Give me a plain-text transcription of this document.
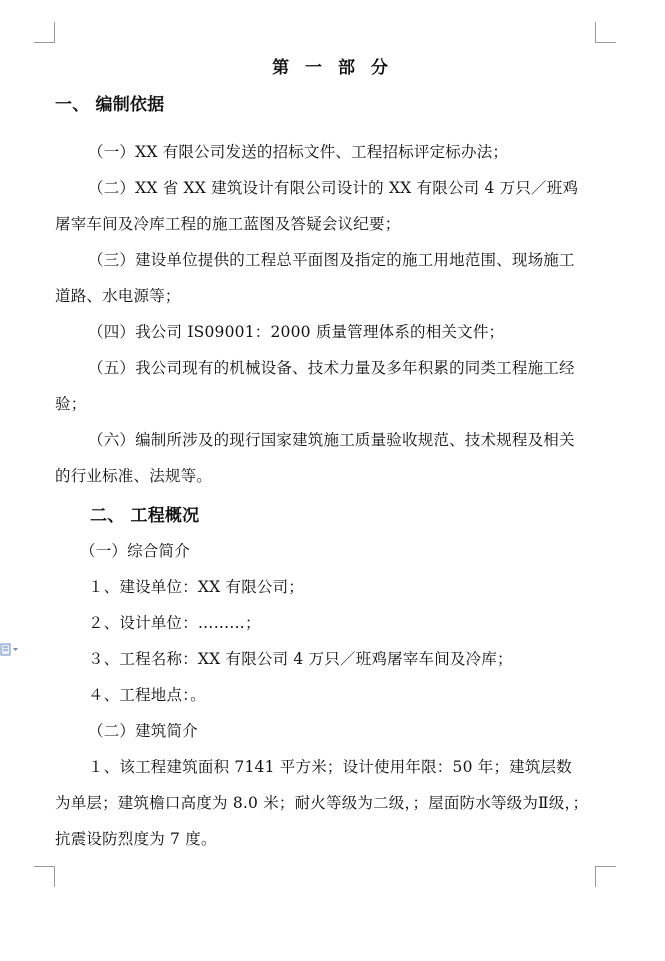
第 一 部 分
一、 编制依据
（一）XX 有限公司发送的招标文件、工程招标评定标办法；
（二）XX 省 XX 建筑设计有限公司设计的 XX 有限公司 4 万只／班鸡
屠宰车间及冷库工程的施工蓝图及答疑会议纪要；
（三）建设单位提供的工程总平面图及指定的施工用地范围、现场施工
道路、水电源等；
（四）我公司 IS09001：2000 质量管理体系的相关文件；
（五）我公司现有的机械设备、技术力量及多年积累的同类工程施工经
验；
（六）编制所涉及的现行国家建筑施工质量验收规范、技术规程及相关
的行业标准、法规等。
二、 工程概况
（一）综合简介
１、建设单位：XX 有限公司；
２、设计单位：………；
３、工程名称：XX 有限公司 4 万只／班鸡屠宰车间及冷库；
４、工程地点：。
（二）建筑简介
１、该工程建筑面积 7141 平方米；设计使用年限：50 年；建筑层数
为单层；建筑檐口高度为 8.0 米；耐火等级为二级，；屋面防水等级为Ⅱ级，；
抗震设防烈度为 7 度。
